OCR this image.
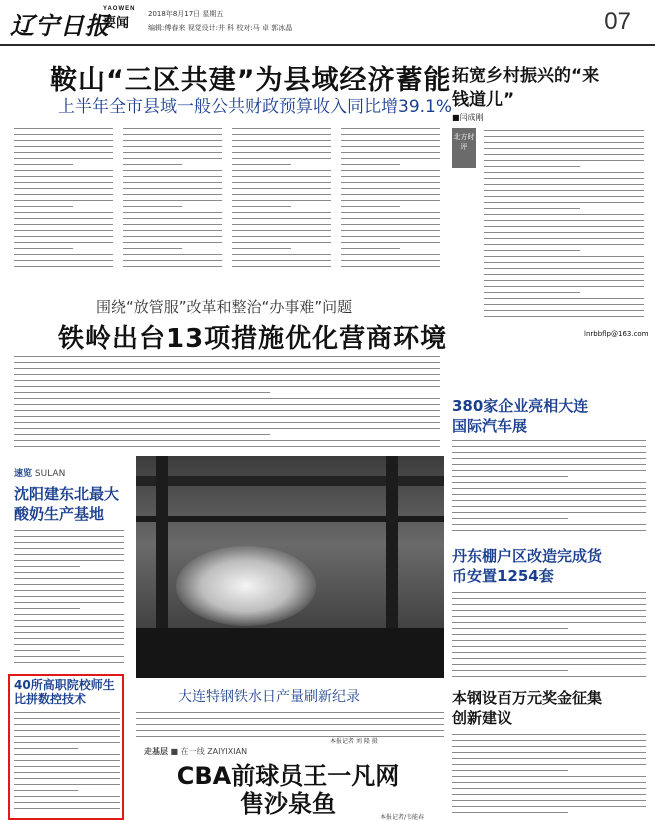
辽宁日报
YAOWEN
要闻
2018年8月17日 星期五
编辑:傅春来 视觉设计:井 科 校对:马 卓 郭冰晶	07
鞍山“三区共建”为县域经济蓄能
上半年全市县域一般公共财政预算收入同比增39.1%
拓宽乡村振兴的“来钱道儿”
■闫成刚
北方时评
lnrbbflp@163.com
围绕“放管服”改革和整治“办事难”问题
铁岭出台13项措施优化营商环境
380家企业亮相大连国际汽车展
速览 SULAN
沈阳建东北最大酸奶生产基地
大连特钢铁水日产量刷新纪录
本报记者 刘 隆 摄
丹东棚户区改造完成货币安置1254套
40所高职院校师生比拼数控技术
走基层 ■ 在一线 ZAIYIXIAN
CBA前球员王一凡网售沙泉鱼	本报记者/韦能春
本钢设百万元奖金征集创新建议
